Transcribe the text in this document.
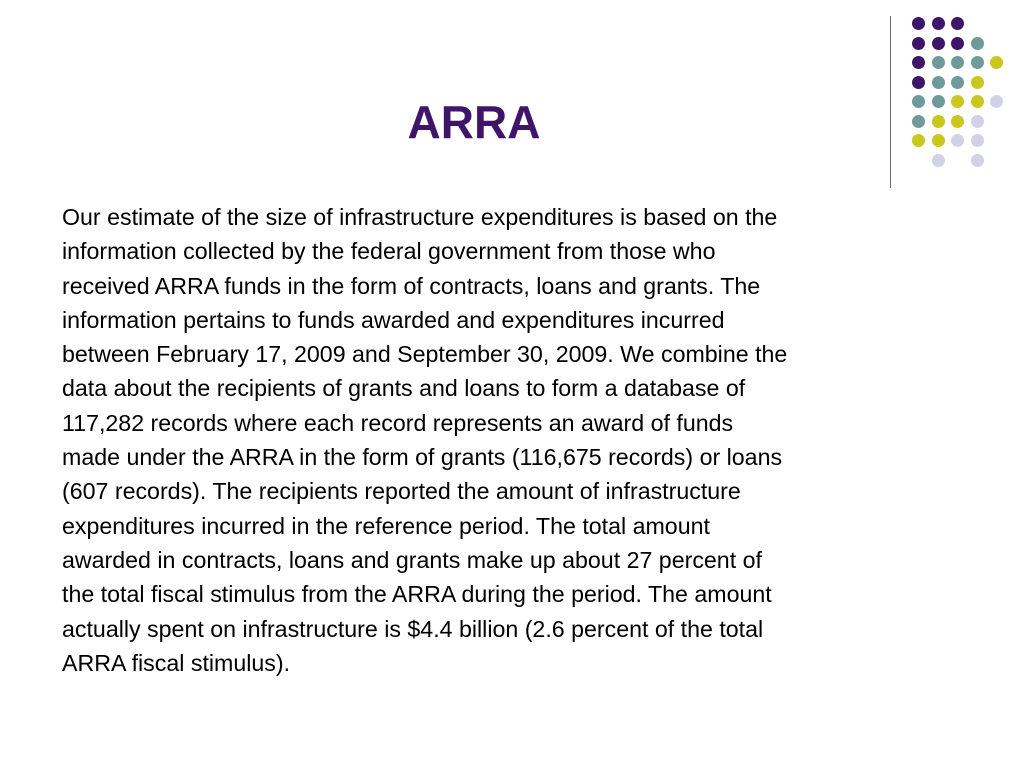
ARRA
Our estimate of the size of infrastructure expenditures is based on the
information collected by the federal government from those who
received ARRA funds in the form of contracts, loans and grants. The
information pertains to funds awarded and expenditures incurred
between February 17, 2009 and September 30, 2009. We combine the
data about the recipients of grants and loans to form a database of
117,282 records where each record represents an award of funds
made under the ARRA in the form of grants (116,675 records) or loans
(607 records). The recipients reported the amount of infrastructure
expenditures incurred in the reference period. The total amount
awarded in contracts, loans and grants make up about 27 percent of
the total fiscal stimulus from the ARRA during the period. The amount
actually spent on infrastructure is $4.4 billion (2.6 percent of the total
ARRA fiscal stimulus).
